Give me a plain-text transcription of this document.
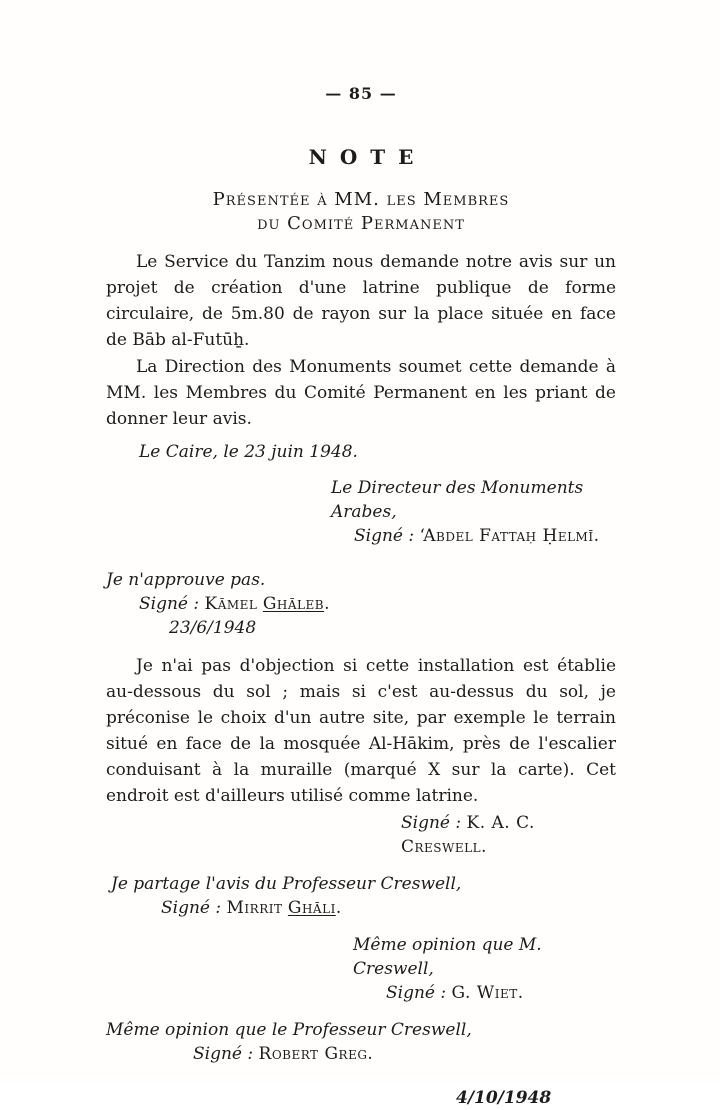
— 85 —
NOTE
Présentée à MM. les Membres
du Comité Permanent

Le Service du Tanzim nous demande notre avis sur un projet de création d'une latrine publique de forme circulaire, de 5m.80 de rayon sur la place située en face de Bāb al-Futūẖ.

La Direction des Monuments soumet cette demande à MM. les Membres du Comité Permanent en les priant de donner leur avis.

Le Caire, le 23 juin 1948.
Le Directeur des Monuments Arabes,
Signé : ‘Abdel Fattaḥ Ḥelmī.
Je n'approuve pas.
Signé : Kāmel Ghāleb.
23/6/1948

Je n'ai pas d'objection si cette installation est établie au-dessous du sol ; mais si c'est au-dessus du sol, je préconise le choix d'un autre site, par exemple le terrain situé en face de la mosquée Al-Hākim, près de l'escalier conduisant à la muraille (marqué X sur la carte). Cet endroit est d'ailleurs utilisé comme latrine.

Signé : K. A. C. Creswell.
Je partage l'avis du Professeur Creswell,
Signé : Mirrit Ghāli.
Même opinion que M. Creswell,
Signé : G. Wiet.
Même opinion que le Professeur Creswell,
Signé : Robert Greg.
4/10/1948
